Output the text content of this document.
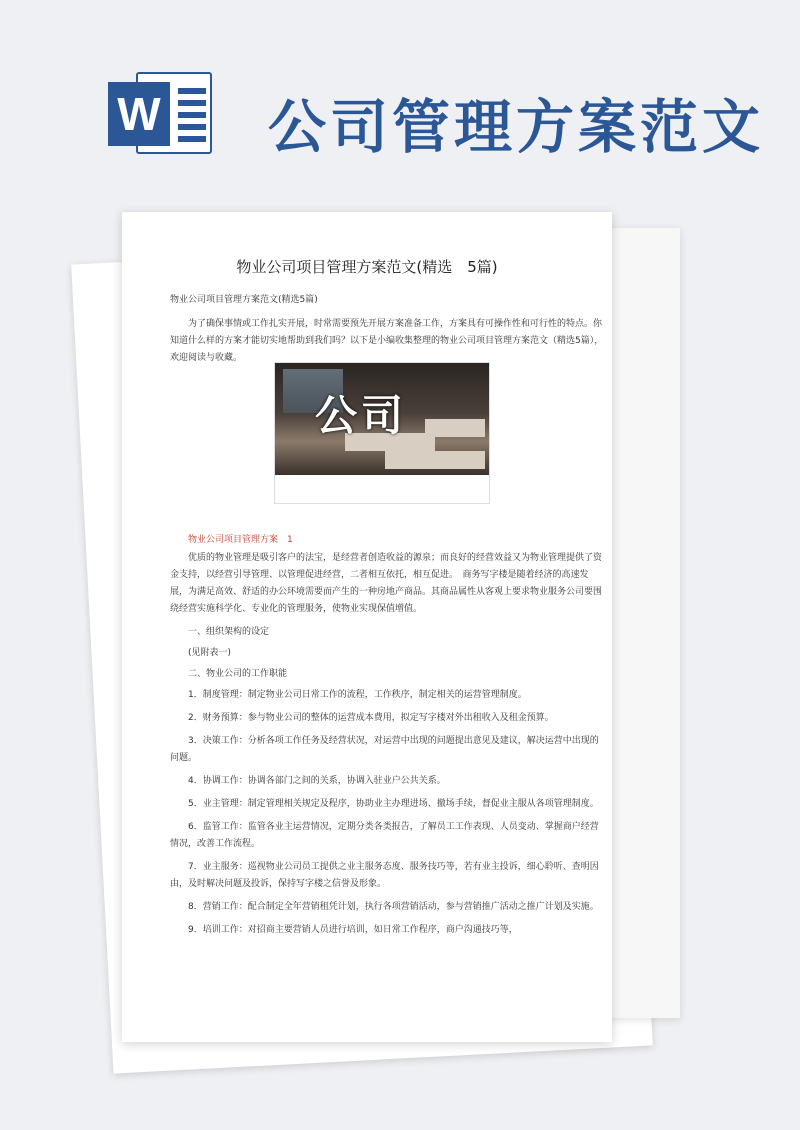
W 公司管理方案范文
物业公司项目管理方案范文(精选　5篇)
物业公司项目管理方案范文(精选5篇)
为了确保事情或工作扎实开展，时常需要预先开展方案准备工作，方案具有可操作性和可行性的特点。你知道什么样的方案才能切实地帮助到我们吗？以下是小编收集整理的物业公司项目管理方案范文（精选5篇），欢迎阅读与收藏。
公司
物业公司项目管理方案　1

优质的物业管理是吸引客户的法宝，是经营者创造收益的源泉；而良好的经营效益又为物业管理提供了资金支持，以经营引导管理、以管理促进经营，二者相互依托，相互促进。　商务写字楼是随着经济的高速发展，为满足高效、舒适的办公环境需要而产生的一种房地产商品。其商品属性从客观上要求物业服务公司要围绕经营实施科学化、专业化的管理服务，使物业实现保值增值。

一、组织架构的设定

(见附表一)

二、物业公司的工作职能

1．制度管理：制定物业公司日常工作的流程，工作秩序，制定相关的运营管理制度。

2．财务预算：参与物业公司的整体的运营成本费用，拟定写字楼对外出租收入及租金预算。

3．决策工作：分析各项工作任务及经营状况，对运营中出现的问题提出意见及建议，解决运营中出现的问题。

4．协调工作：协调各部门之间的关系，协调入驻业户公共关系。

5．业主管理：制定管理相关规定及程序，协助业主办理进场、撤场手续，督促业主服从各项管理制度。

6．监管工作：监管各业主运营情况，定期分类各类报告，了解员工工作表现、人员变动、掌握商户经营情况，改善工作流程。

7．业主服务：巡视物业公司员工提供之业主服务态度、服务技巧等，若有业主投诉，细心聆听、查明因由，及时解决问题及投诉，保持写字楼之信誉及形象。

8．营销工作：配合制定全年营销租凭计划，执行各项营销活动，参与营销推广活动之推广计划及实施。

9．培训工作：对招商主要营销人员进行培训，如日常工作程序，商户沟通技巧等，
